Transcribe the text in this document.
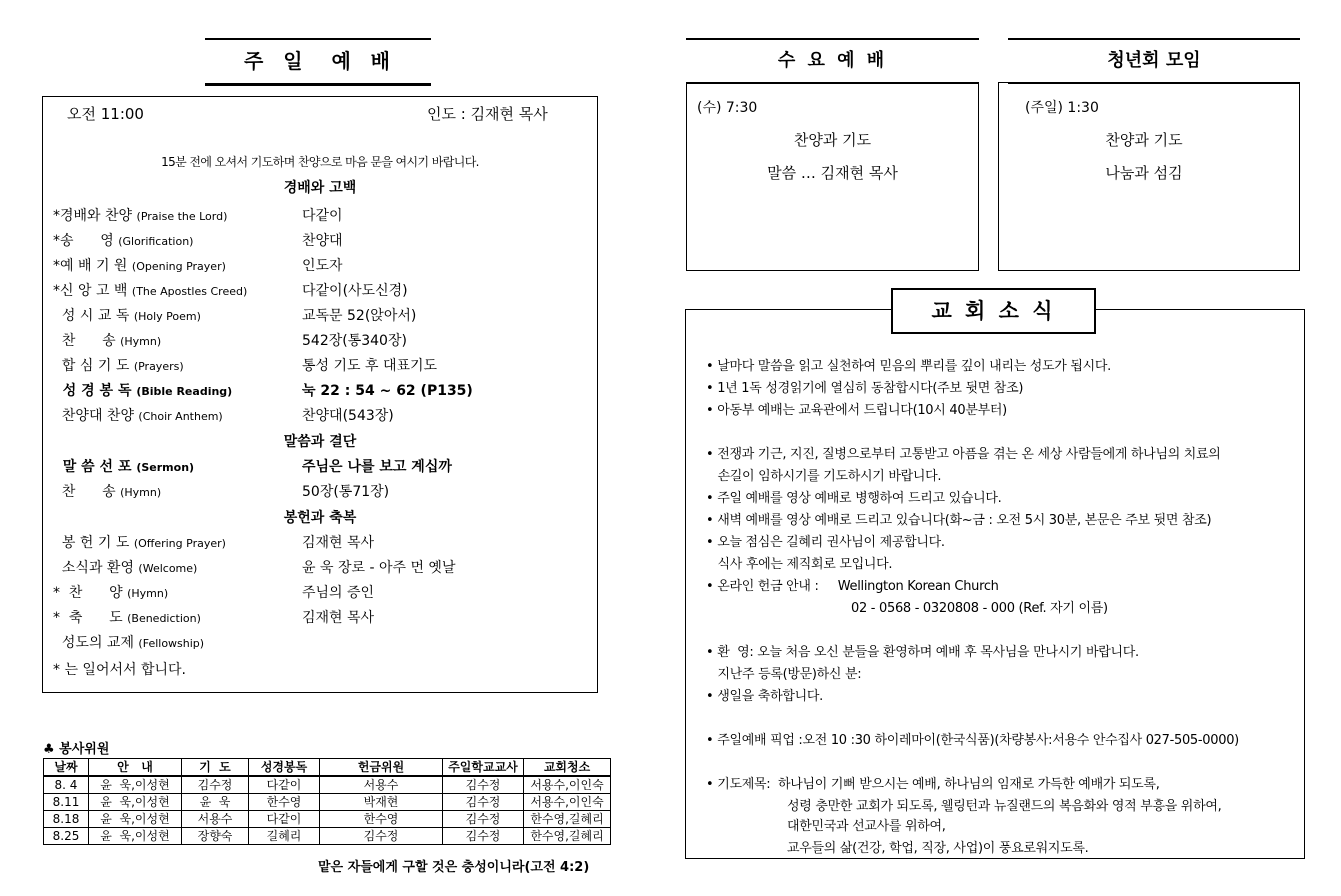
주  일   예  배
오전 11:00	인도 : 김재현 목사
15분 전에 오셔서 기도하며 찬양으로 마음 문을 여시기 바랍니다.
경배와 고백
말씀과 결단
봉헌과 축복
* 는 일어서서 합니다.
*경배와 찬양 (Praise the Lord)	다같이
*송      영 (Glorification)	찬양대
*예 배 기 원 (Opening Prayer)	인도자
*신 앙 고 백 (The Apostles Creed)	다같이(사도신경)
성 시 교 독 (Holy Poem)	교독문 52(앉아서)
찬      송 (Hymn)	542장(통340장)
합 심 기 도 (Prayers)	통성 기도 후 대표기도
성 경 봉 독 (Bible Reading)	눅 22 : 54 ~ 62 (P135)
찬양대 찬양 (Choir Anthem)	찬양대(543장)
말 씀 선 포 (Sermon)	주님은 나를 보고 계십까
찬      송 (Hymn)	50장(통71장)
봉 헌 기 도 (Offering Prayer)	김재현 목사
소식과 환영 (Welcome)	윤 욱 장로 - 아주 먼 옛날
*  찬      양 (Hymn)	주님의 증인
*  축      도 (Benediction)	김재현 목사
성도의 교제 (Fellowship)
♣ 봉사위원
날짜	안   내	기  도	성경봉독	헌금위원	주일학교교사	교회청소
8. 4	윤  욱,이성현	김수정	다같이	서용수	김수정	서용수,이인숙
8.11	윤  욱,이성현	윤  욱	한수영	박재현	김수정	서용수,이인숙
8.18	윤  욱,이성현	서용수	다같이	한수영	김수정	한수영,길혜리
8.25	윤  욱,이성현	장향숙	길혜리	김수정	김수정	한수영,길혜리
맡은 자들에게 구할 것은 충성이니라(고전 4:2)
수 요 예 배
(수) 7:30
찬양과 기도
말씀 … 김재현 목사
청년회 모임
(주일) 1:30
찬양과 기도
나눔과 섬김
교 회 소 식
• 날마다 말씀을 읽고 실천하여 믿음의 뿌리를 깊이 내리는 성도가 됩시다.
• 1년 1독 성경읽기에 열심히 동참합시다(주보 뒷면 참조)
• 아동부 예배는 교육관에서 드립니다(10시 40분부터)
• 전쟁과 기근, 지진, 질병으로부터 고통받고 아픔을 겪는 온 세상 사람들에게 하나님의 치료의
손길이 임하시기를 기도하시기 바랍니다.
• 주일 예배를 영상 예배로 병행하여 드리고 있습니다.
• 새벽 예배를 영상 예배로 드리고 있습니다(화~금 : 오전 5시 30분, 본문은 주보 뒷면 참조)
• 오늘 점심은 길혜리 권사님이 제공합니다.
식사 후에는 제직회로 모입니다.
• 온라인 헌금 안내 :     Wellington Korean Church
02 - 0568 - 0320808 - 000 (Ref. 자기 이름)
• 환  영: 오늘 처음 오신 분들을 환영하며 예배 후 목사님을 만나시기 바랍니다.
지난주 등록(방문)하신 분:
• 생일을 축하합니다.
• 주일예배 픽업 :오전 10 :30 하이레마이(한국식품)(차량봉사:서용수 안수집사 027-505-0000)
• 기도제목:  하나님이 기뻐 받으시는 예배, 하나님의 임재로 가득한 예배가 되도록,
성령 충만한 교회가 되도록, 웰링턴과 뉴질랜드의 복음화와 영적 부흥을 위하여,
대한민국과 선교사를 위하여,
교우들의 삶(건강, 학업, 직장, 사업)이 풍요로워지도록.
